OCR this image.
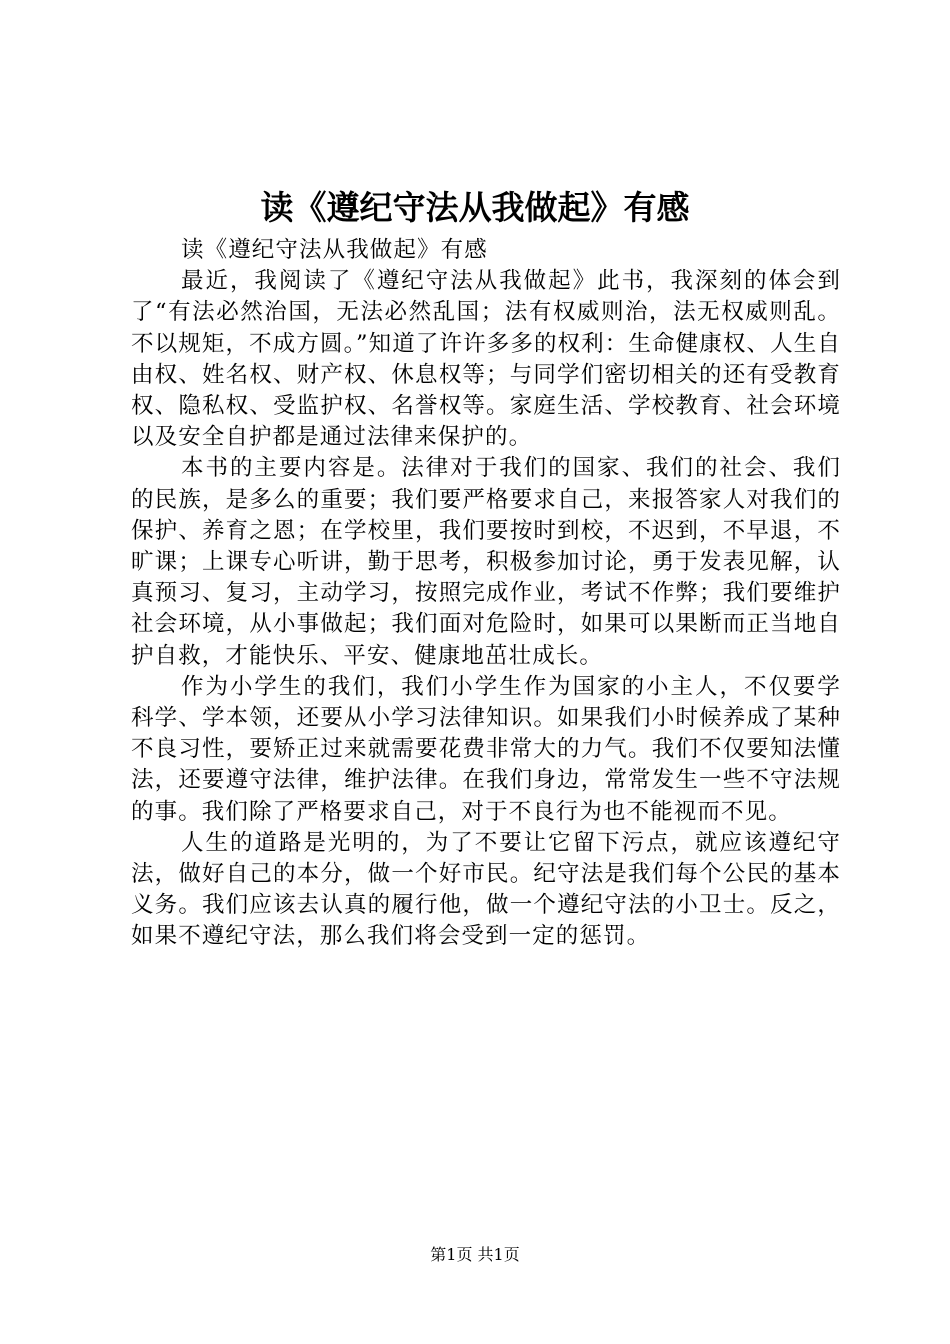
读《遵纪守法从我做起》有感

读《遵纪守法从我做起》有感

最近，我阅读了《遵纪守法从我做起》此书，我深刻的体会到了“有法必然治国，无法必然乱国；法有权威则治，法无权威则乱。不以规矩，不成方圆。”知道了许许多多的权利：生命健康权、人生自由权、姓名权、财产权、休息权等；与同学们密切相关的还有受教育权、隐私权、受监护权、名誉权等。家庭生活、学校教育、社会环境以及安全自护都是通过法律来保护的。

本书的主要内容是。法律对于我们的国家、我们的社会、我们的民族，是多么的重要；我们要严格要求自己，来报答家人对我们的保护、养育之恩；在学校里，我们要按时到校，不迟到，不早退，不旷课；上课专心听讲，勤于思考，积极参加讨论，勇于发表见解，认真预习、复习，主动学习，按照完成作业，考试不作弊；我们要维护社会环境，从小事做起；我们面对危险时，如果可以果断而正当地自护自救，才能快乐、平安、健康地茁壮成长。

作为小学生的我们，我们小学生作为国家的小主人，不仅要学科学、学本领，还要从小学习法律知识。如果我们小时候养成了某种不良习性，要矫正过来就需要花费非常大的力气。我们不仅要知法懂法，还要遵守法律，维护法律。在我们身边，常常发生一些不守法规的事。我们除了严格要求自己，对于不良行为也不能视而不见。

人生的道路是光明的，为了不要让它留下污点，就应该遵纪守法，做好自己的本分，做一个好市民。纪守法是我们每个公民的基本义务。我们应该去认真的履行他，做一个遵纪守法的小卫士。反之，如果不遵纪守法，那么我们将会受到一定的惩罚。

第1页 共1页
